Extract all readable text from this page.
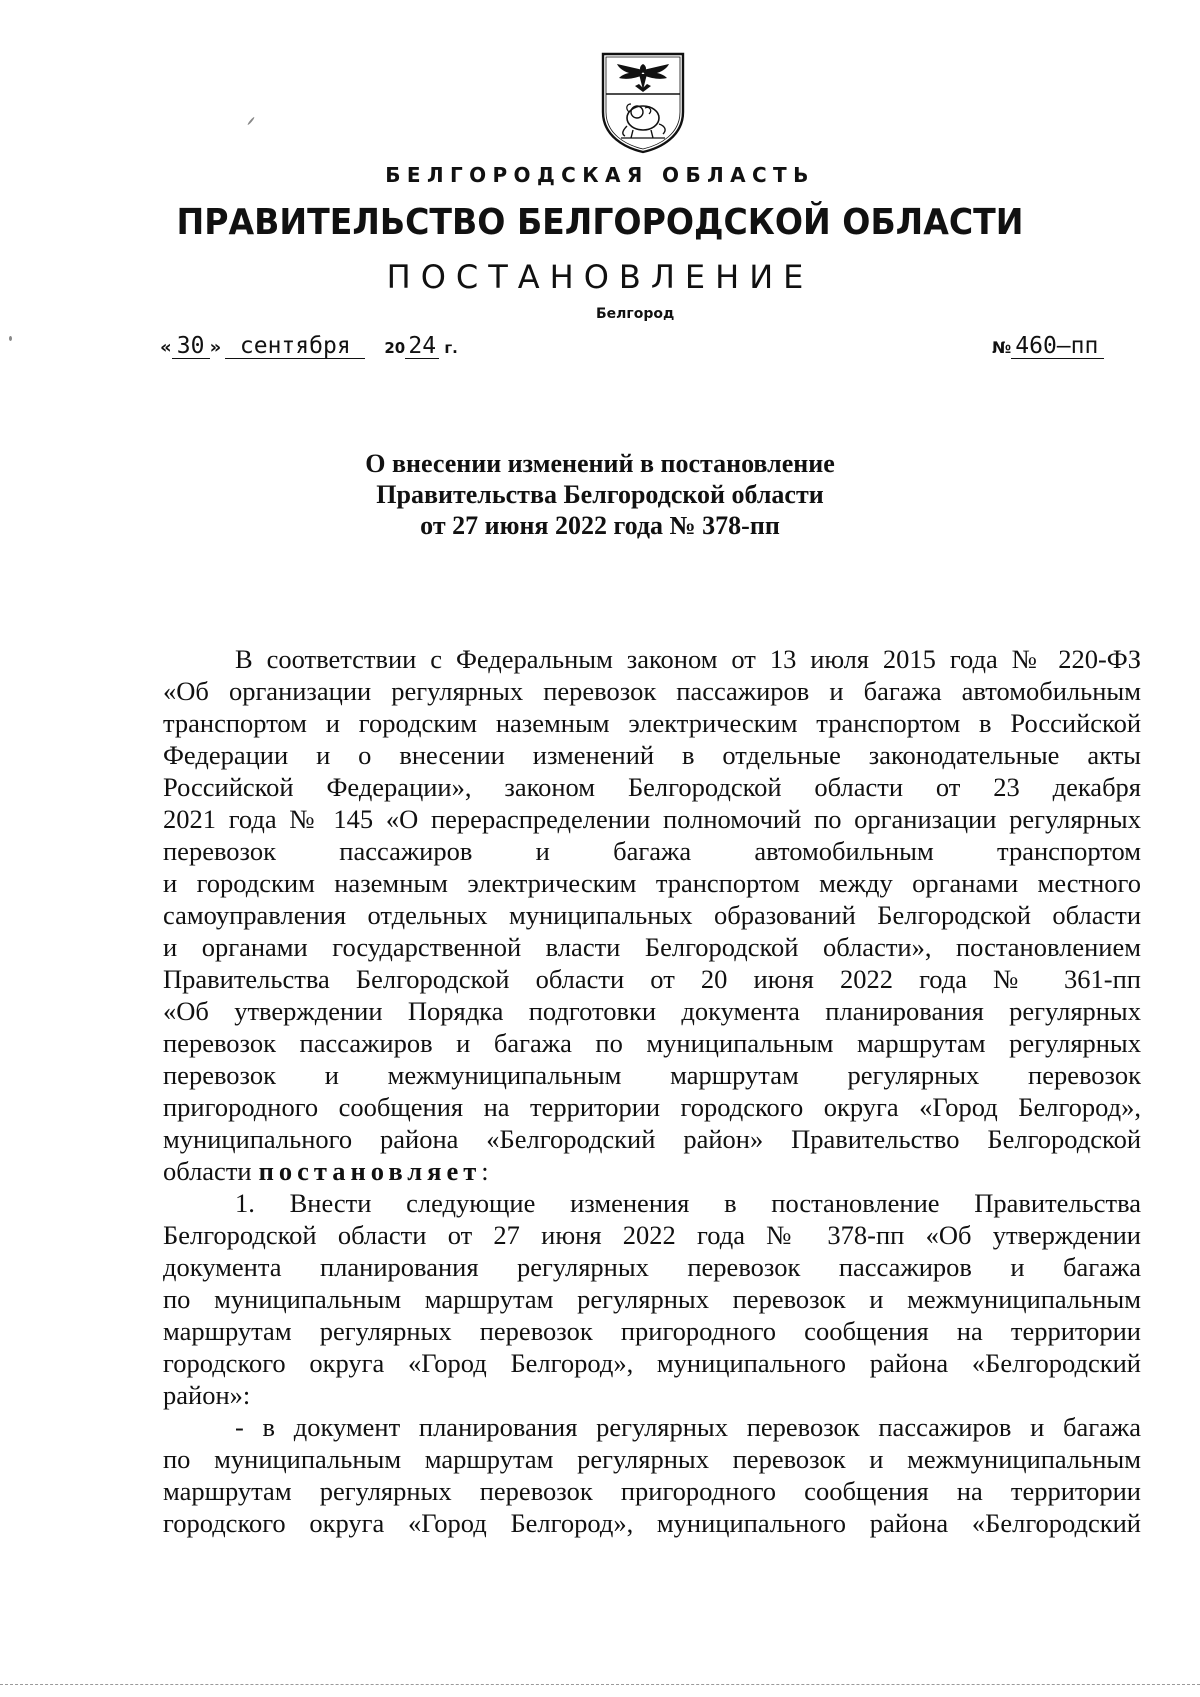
БЕЛГОРОДСКАЯ ОБЛАСТЬ
ПРАВИТЕЛЬСТВО БЕЛГОРОДСКОЙ ОБЛАСТИ
ПОСТАНОВЛЕНИЕ
Белгород
« 30 » сентября 20 24 г.	№ 460–пп
О внесении изменений в постановление
Правительства Белгородской области
от 27 июня 2022 года № 378-пп
В соответствии с Федеральным законом от 13 июля 2015 года № 220-ФЗ
«Об организации регулярных перевозок пассажиров и багажа автомобильным
транспортом и городским наземным электрическим транспортом в Российской
Федерации и о внесении изменений в отдельные законодательные акты
Российской Федерации», законом Белгородской области от 23 декабря
2021 года № 145 «О перераспределении полномочий по организации регулярных
перевозок пассажиров и багажа автомобильным транспортом
и городским наземным электрическим транспортом между органами местного
самоуправления отдельных муниципальных образований Белгородской области
и органами государственной власти Белгородской области», постановлением
Правительства Белгородской области от 20 июня 2022 года № 361-пп
«Об утверждении Порядка подготовки документа планирования регулярных
перевозок пассажиров и багажа по муниципальным маршрутам регулярных
перевозок и межмуниципальным маршрутам регулярных перевозок
пригородного сообщения на территории городского округа «Город Белгород»,
муниципального района «Белгородский район» Правительство Белгородской
области постановляет:
1. Внести следующие изменения в постановление Правительства
Белгородской области от 27 июня 2022 года № 378-пп «Об утверждении
документа планирования регулярных перевозок пассажиров и багажа
по муниципальным маршрутам регулярных перевозок и межмуниципальным
маршрутам регулярных перевозок пригородного сообщения на территории
городского округа «Город Белгород», муниципального района «Белгородский
район»:
- в документ планирования регулярных перевозок пассажиров и багажа
по муниципальным маршрутам регулярных перевозок и межмуниципальным
маршрутам регулярных перевозок пригородного сообщения на территории
городского округа «Город Белгород», муниципального района «Белгородский
